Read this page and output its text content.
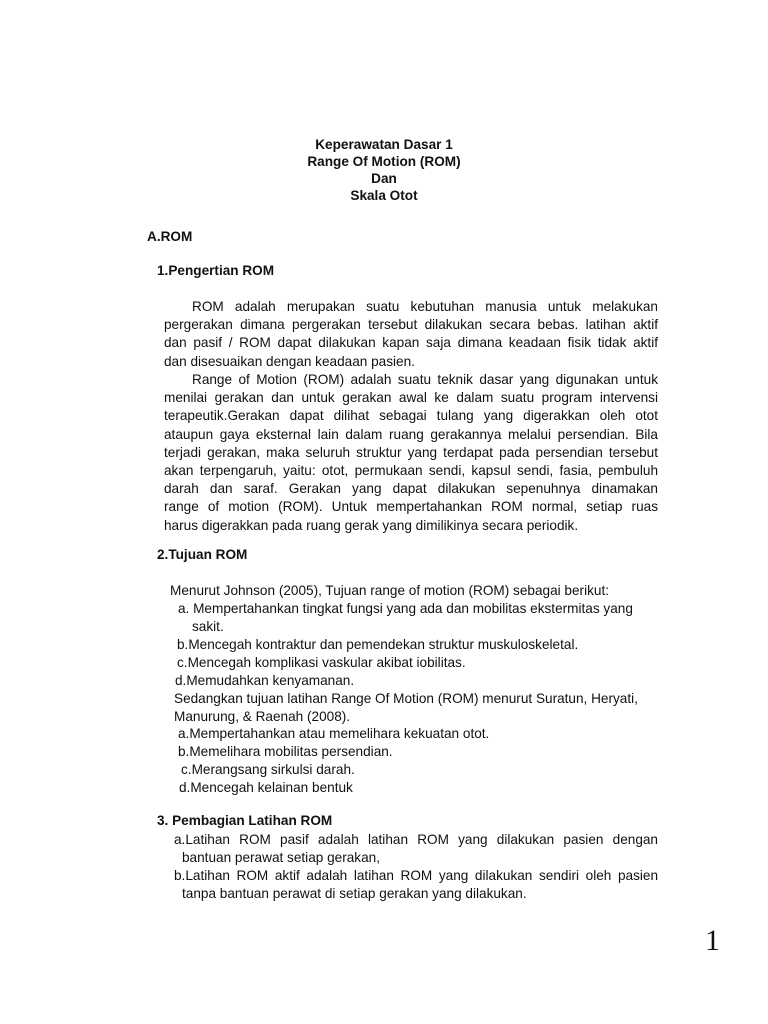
Keperawatan Dasar 1
Range Of Motion (ROM)
Dan
Skala Otot
A.ROM
1.Pengertian ROM
ROM adalah merupakan suatu kebutuhan manusia untuk melakukan
pergerakan dimana pergerakan tersebut dilakukan secara bebas. latihan aktif
dan pasif / ROM dapat dilakukan kapan saja dimana keadaan fisik tidak aktif
dan disesuaikan dengan keadaan pasien.
Range of Motion (ROM) adalah suatu teknik dasar yang digunakan untuk
menilai gerakan dan untuk gerakan awal ke dalam suatu program intervensi
terapeutik.Gerakan dapat dilihat sebagai tulang yang digerakkan oleh otot
ataupun gaya eksternal lain dalam ruang gerakannya melalui persendian. Bila
terjadi gerakan, maka seluruh struktur yang terdapat pada persendian tersebut
akan terpengaruh, yaitu: otot, permukaan sendi, kapsul sendi, fasia, pembuluh
darah dan saraf. Gerakan yang dapat dilakukan sepenuhnya dinamakan
range of motion (ROM). Untuk mempertahankan ROM normal, setiap ruas
harus digerakkan pada ruang gerak yang dimilikinya secara periodik.
2.Tujuan ROM
Menurut Johnson (2005), Tujuan range of motion (ROM) sebagai berikut:
a. Mempertahankan tingkat fungsi yang ada dan mobilitas ekstermitas yang
sakit.
b.Mencegah kontraktur dan pemendekan struktur muskuloskeletal.
c.Mencegah komplikasi vaskular akibat iobilitas.
d.Memudahkan kenyamanan.
Sedangkan tujuan latihan Range Of Motion (ROM) menurut Suratun, Heryati,
Manurung, & Raenah (2008).
a.Mempertahankan atau memelihara kekuatan otot.
b.Memelihara mobilitas persendian.
c.Merangsang sirkulsi darah.
d.Mencegah kelainan bentuk
3. Pembagian Latihan ROM
a.Latihan ROM pasif adalah latihan ROM yang dilakukan pasien dengan
bantuan perawat setiap gerakan,
b.Latihan ROM aktif adalah latihan ROM yang dilakukan sendiri oleh pasien
tanpa bantuan perawat di setiap gerakan yang dilakukan.
1
